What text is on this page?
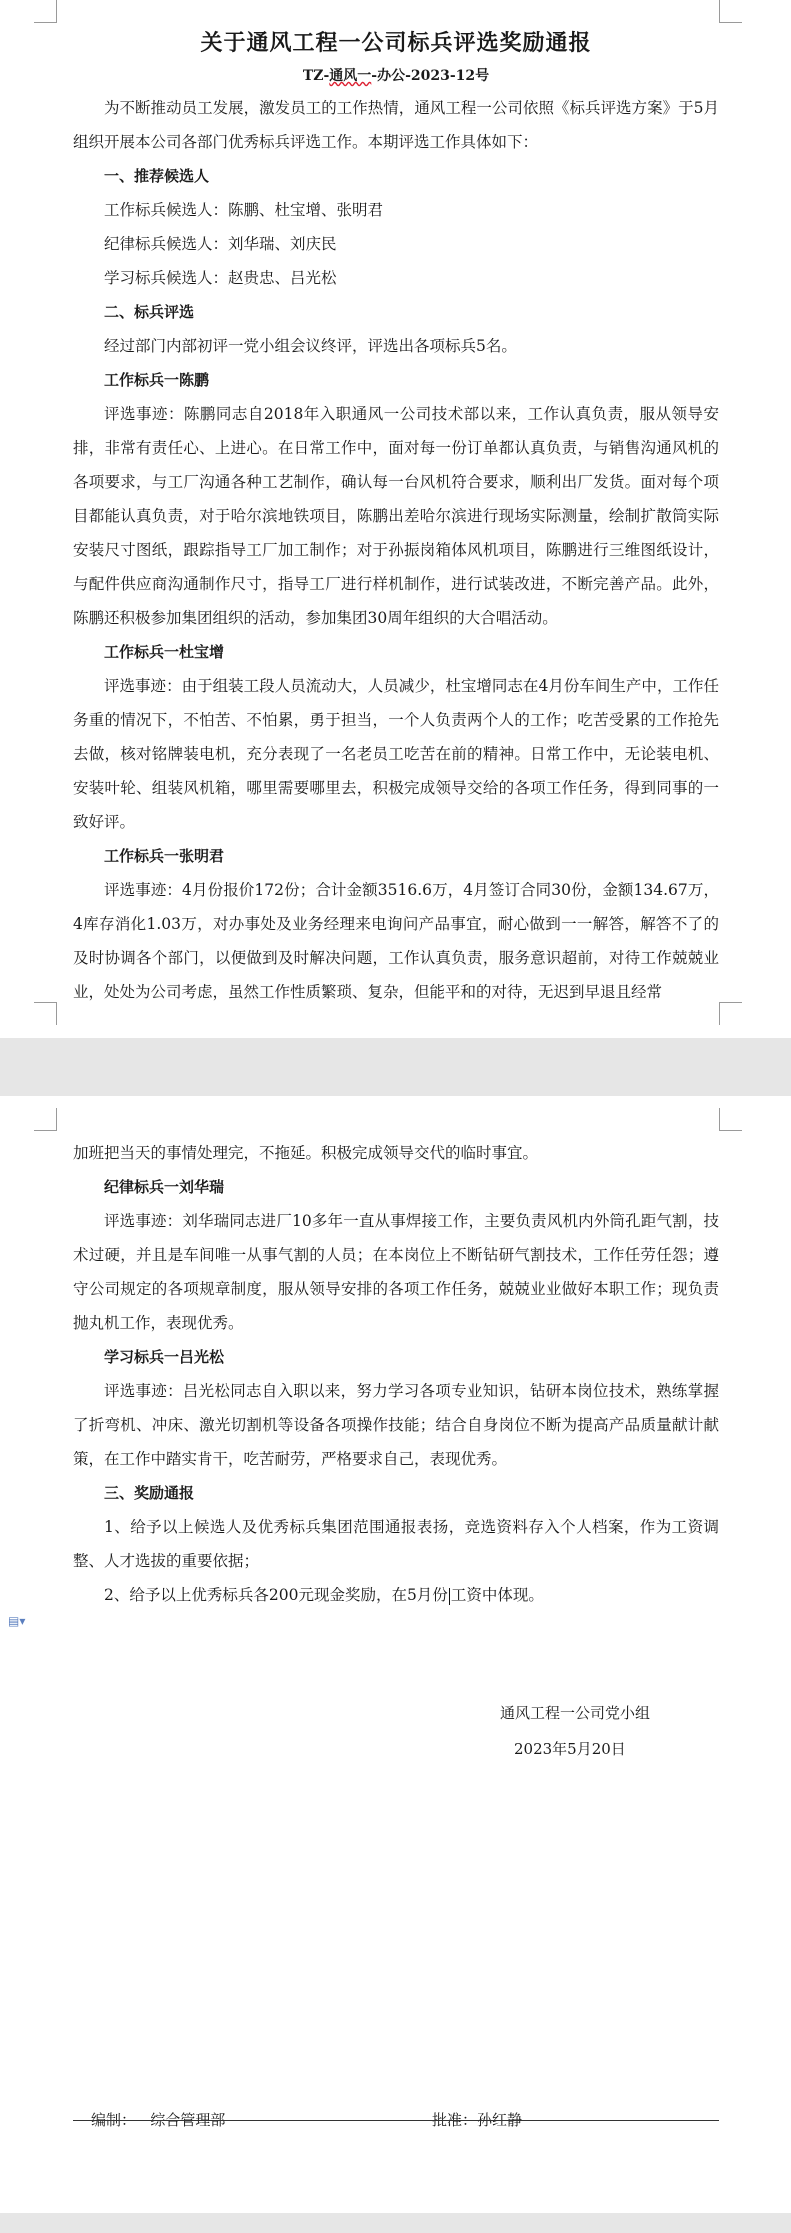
关于通风工程一公司标兵评选奖励通报

TZ-通风一-办公-2023-12号

为不断推动员工发展，激发员工的工作热情，通风工程一公司依照《标兵评选方案》于5月组织开展本公司各部门优秀标兵评选工作。本期评选工作具体如下：

一、推荐候选人

工作标兵候选人：陈鹏、杜宝增、张明君

纪律标兵候选人：刘华瑞、刘庆民

学习标兵候选人：赵贵忠、吕光松

二、标兵评选

经过部门内部初评一党小组会议终评，评选出各项标兵5名。

工作标兵一陈鹏

评选事迹：陈鹏同志自2018年入职通风一公司技术部以来，工作认真负责，服从领导安排，非常有责任心、上进心。在日常工作中，面对每一份订单都认真负责，与销售沟通风机的各项要求，与工厂沟通各种工艺制作，确认每一台风机符合要求，顺利出厂发货。面对每个项目都能认真负责，对于哈尔滨地铁项目，陈鹏出差哈尔滨进行现场实际测量，绘制扩散筒实际安装尺寸图纸，跟踪指导工厂加工制作；对于孙振岗箱体风机项目，陈鹏进行三维图纸设计，与配件供应商沟通制作尺寸，指导工厂进行样机制作，进行试装改进，不断完善产品。此外，陈鹏还积极参加集团组织的活动，参加集团30周年组织的大合唱活动。

工作标兵一杜宝增

评选事迹：由于组装工段人员流动大，人员减少，杜宝增同志在4月份车间生产中，工作任务重的情况下，不怕苦、不怕累，勇于担当，一个人负责两个人的工作；吃苦受累的工作抢先去做，核对铭牌装电机，充分表现了一名老员工吃苦在前的精神。日常工作中，无论装电机、安装叶轮、组装风机箱，哪里需要哪里去，积极完成领导交给的各项工作任务，得到同事的一致好评。

工作标兵一张明君

评选事迹：4月份报价172份；合计金额3516.6万，4月签订合同30份，金额134.67万，4库存消化1.03万，对办事处及业务经理来电询问产品事宜，耐心做到一一解答，解答不了的及时协调各个部门，以便做到及时解决问题，工作认真负责，服务意识超前，对待工作兢兢业业，处处为公司考虑，虽然工作性质繁琐、复杂，但能平和的对待，无迟到早退且经常

▤▾

加班把当天的事情处理完，不拖延。积极完成领导交代的临时事宜。

纪律标兵一刘华瑞

评选事迹：刘华瑞同志进厂10多年一直从事焊接工作，主要负责风机内外筒孔距气割，技术过硬，并且是车间唯一从事气割的人员；在本岗位上不断钻研气割技术，工作任劳任怨；遵守公司规定的各项规章制度，服从领导安排的各项工作任务，兢兢业业做好本职工作；现负责抛丸机工作，表现优秀。

学习标兵一吕光松

评选事迹：吕光松同志自入职以来，努力学习各项专业知识，钻研本岗位技术，熟练掌握了折弯机、冲床、激光切割机等设备各项操作技能；结合自身岗位不断为提高产品质量献计献策，在工作中踏实肯干，吃苦耐劳，严格要求自己，表现优秀。

三、奖励通报

1、给予以上候选人及优秀标兵集团范围通报表扬，竞选资料存入个人档案，作为工资调整、人才选拔的重要依据；

2、给予以上优秀标兵各200元现金奖励，在5月份 工资中体现。

通风工程一公司党小组
2023年5月20日
编制： 综合管理部	批准：孙红静
